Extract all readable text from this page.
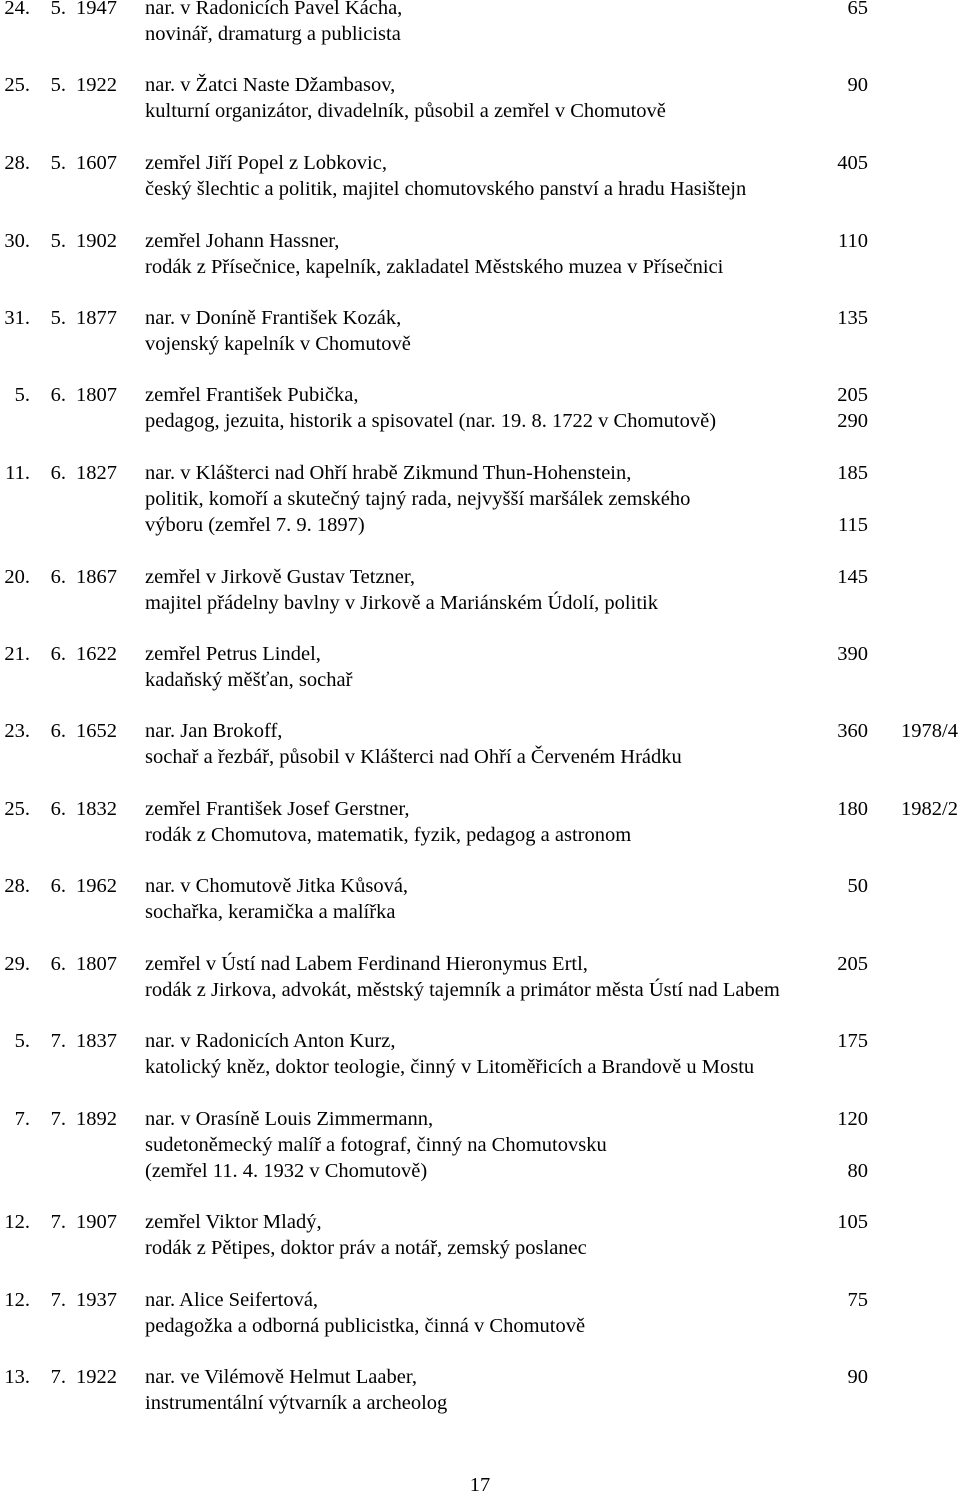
24.	5. 1947 nar. v Radonicích Pavel Kácha,	65
novinář, dramaturg a publicista
25.	5. 1922 nar. v Žatci Naste Džambasov,	90
kulturní organizátor, divadelník, působil a zemřel v Chomutově
28.	5. 1607 zemřel Jiří Popel z Lobkovic,	405
český šlechtic a politik, majitel chomutovského panství a hradu Hasištejn
30.	5. 1902 zemřel Johann Hassner,	110
rodák z Přísečnice, kapelník, zakladatel Městského muzea v Přísečnici
31.	5. 1877 nar. v Doníně František Kozák,	135
vojenský kapelník v Chomutově
5.	6. 1807 zemřel František Pubička,	205
pedagog, jezuita, historik a spisovatel (nar. 19. 8. 1722 v Chomutově)	290
11.	6. 1827 nar. v Klášterci nad Ohří hrabě Zikmund Thun-Hohenstein,	185
politik, komoří a skutečný tajný rada, nejvyšší maršálek zemského
výboru (zemřel 7. 9. 1897)	115
20.	6. 1867 zemřel v Jirkově Gustav Tetzner,	145
majitel přádelny bavlny v Jirkově a Mariánském Údolí, politik
21.	6. 1622 zemřel Petrus Lindel,	390
kadaňský měšťan, sochař
23.	6. 1652 nar. Jan Brokoff,	360	1978/4
sochař a řezbář, působil v Klášterci nad Ohří a Červeném Hrádku
25.	6. 1832 zemřel František Josef Gerstner,	180	1982/2
rodák z Chomutova, matematik, fyzik, pedagog a astronom
28.	6. 1962 nar. v Chomutově Jitka Kůsová,	50
sochařka, keramička a malířka
29.	6. 1807 zemřel v Ústí nad Labem Ferdinand Hieronymus Ertl,	205
rodák z Jirkova, advokát, městský tajemník a primátor města Ústí nad Labem
5.	7. 1837 nar. v Radonicích Anton Kurz,	175
katolický kněz, doktor teologie, činný v Litoměřicích a Brandově u Mostu
7.	7. 1892 nar. v Orasíně Louis Zimmermann,	120
sudetoněmecký malíř a fotograf, činný na Chomutovsku
(zemřel 11. 4. 1932 v Chomutově)	80
12.	7. 1907 zemřel Viktor Mladý,	105
rodák z Pětipes, doktor práv a notář, zemský poslanec
12.	7. 1937 nar. Alice Seifertová,	75
pedagožka a odborná publicistka, činná v Chomutově
13.	7. 1922 nar. ve Vilémově Helmut Laaber,	90
instrumentální výtvarník a archeolog
17
